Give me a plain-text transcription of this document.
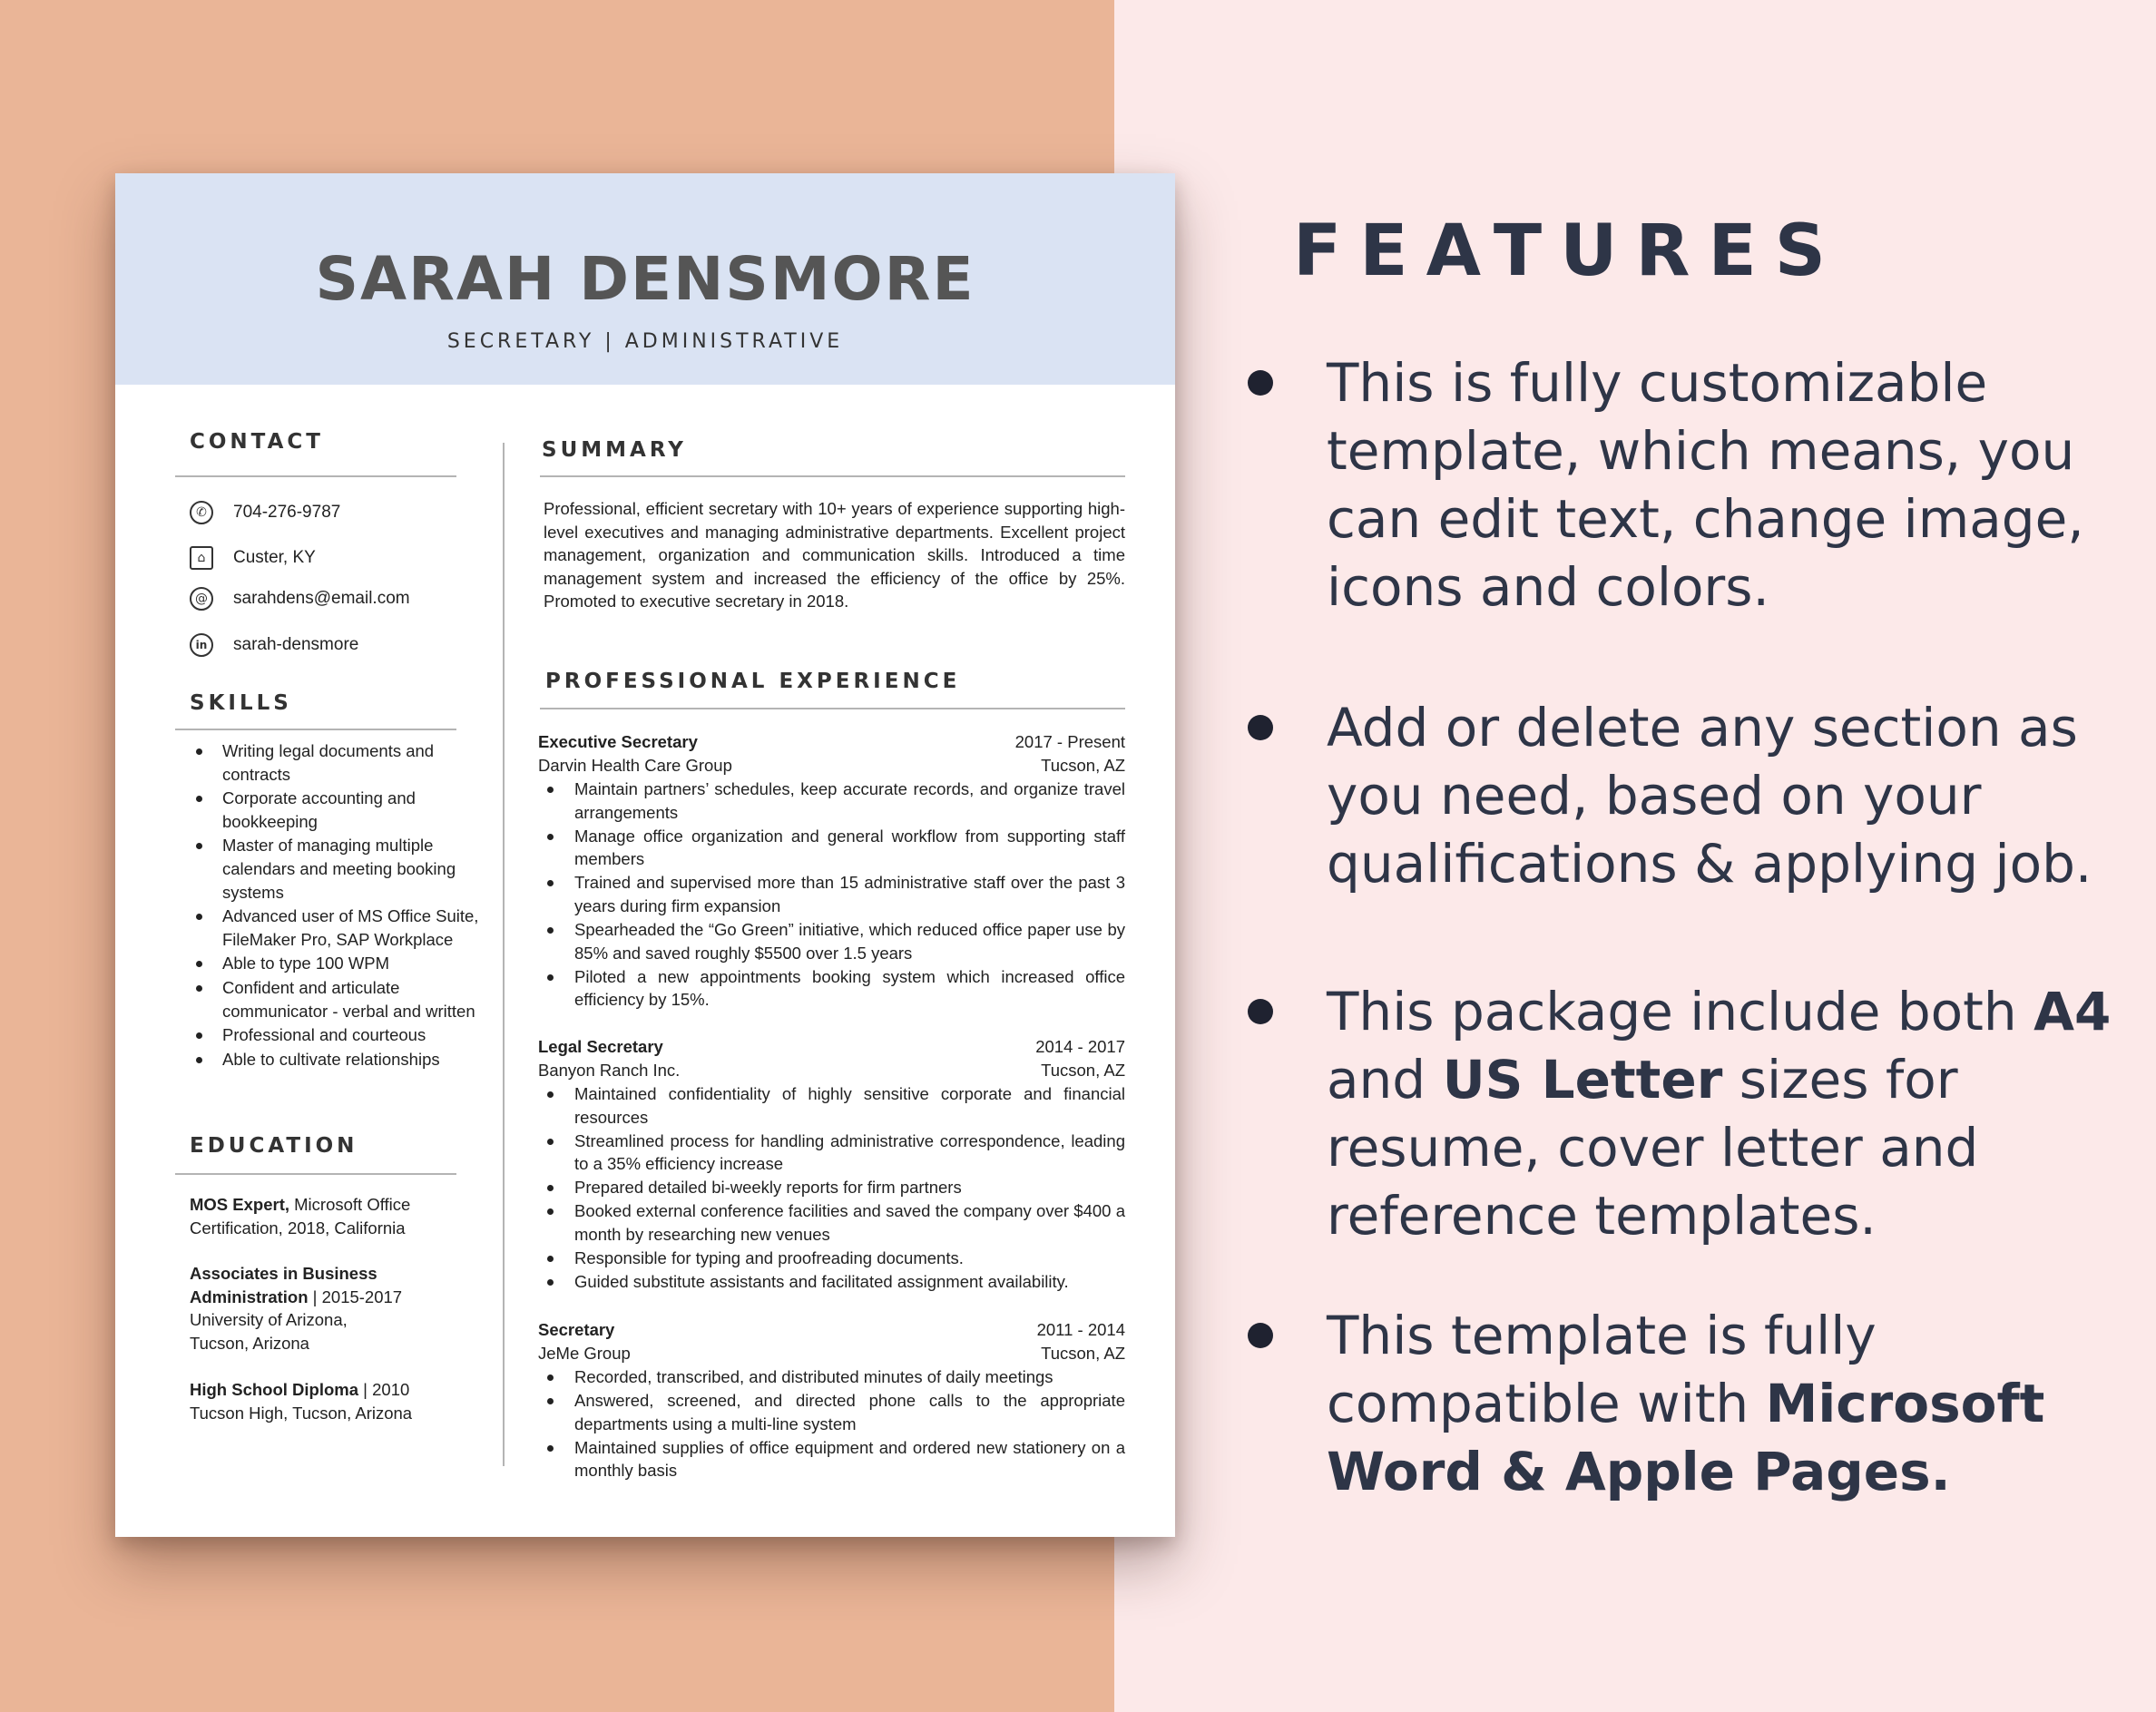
SARAH DENSMORE
SECRETARY | ADMINISTRATIVE
CONTACT
✆	704-276-9787
⌂	Custer, KY
@	sarahdens@email.com
in	sarah-densmore
SKILLS
Writing legal documents and contracts
Corporate accounting and bookkeeping
Master of managing multiple calendars and meeting booking systems
Advanced user of MS Office Suite, FileMaker Pro, SAP Workplace
Able to type 100 WPM
Confident and articulate communicator - verbal and written
Professional and courteous
Able to cultivate relationships
EDUCATION
MOS Expert, Microsoft Office
Certification, 2018, California
Associates in Business
Administration | 2015-2017
University of Arizona,
Tucson, Arizona
High School Diploma | 2010
Tucson High, Tucson, Arizona
SUMMARY
Professional, efficient secretary with 10+ years of experience supporting high-level executives and managing administrative departments. Excellent project management, organization and communication skills. Introduced a time management system and increased the efficiency of the office by 25%. Promoted to executive secretary in 2018.
PROFESSIONAL EXPERIENCE
Executive Secretary	2017 - Present
Darvin Health Care Group	Tucson, AZ
Maintain partners’ schedules, keep accurate records, and organize travel arrangements
Manage office organization and general workflow from supporting staff members
Trained and supervised more than 15 administrative staff over the past 3 years during firm expansion
Spearheaded the “Go Green” initiative, which reduced office paper use by 85% and saved roughly $5500 over 1.5 years
Piloted a new appointments booking system which increased office efficiency by 15%.
Legal Secretary	2014 - 2017
Banyon Ranch Inc.	Tucson, AZ
Maintained confidentiality of highly sensitive corporate and financial resources
Streamlined process for handling administrative correspondence, leading to a 35% efficiency increase
Prepared detailed bi-weekly reports for firm partners
Booked external conference facilities and saved the company over $400 a month by researching new venues
Responsible for typing and proofreading documents.
Guided substitute assistants and facilitated assignment availability.
Secretary	2011 - 2014
JeMe Group	Tucson, AZ
Recorded, transcribed, and distributed minutes of daily meetings
Answered, screened, and directed phone calls to the appropriate departments using a multi-line system
Maintained supplies of office equipment and ordered new stationery on a monthly basis
FEATURES
This is fully customizable template, which means, you can edit text, change image, icons and colors.
Add or delete any section as you need, based on your qualifications & applying job.
This package include both A4 and US Letter sizes for resume, cover letter and reference templates.
This template is fully compatible with Microsoft Word & Apple Pages.
